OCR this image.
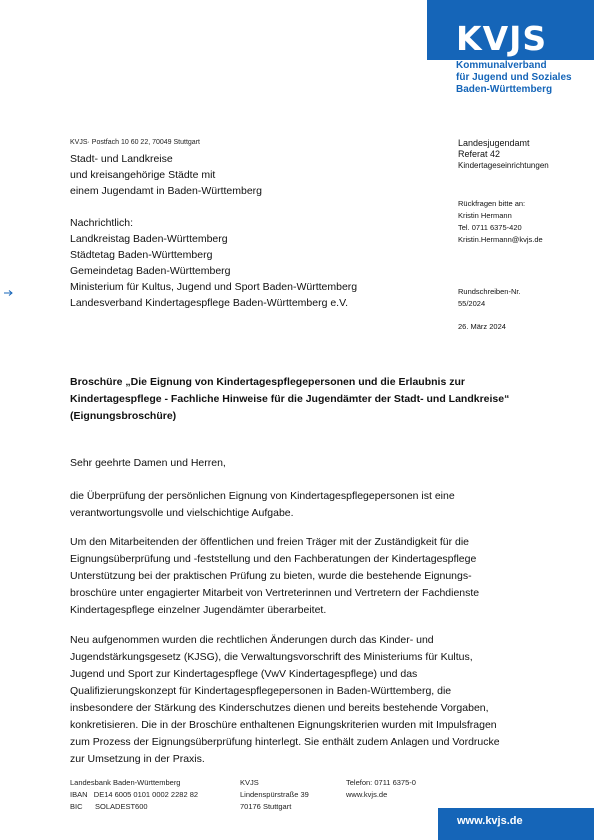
KVJS
Kommunalverband
für Jugend und Soziales
Baden-Württemberg
KVJS· Postfach 10 60 22, 70049 Stuttgart
Stadt- und Landkreise
und kreisangehörige Städte mit
einem Jugendamt in Baden-Württemberg
Nachrichtlich:
Landkreistag Baden-Württemberg
Städtetag Baden-Württemberg
Gemeindetag Baden-Württemberg
Ministerium für Kultus, Jugend und Sport Baden-Württemberg
Landesverband Kindertagespflege Baden-Württemberg e.V.
Landesjugendamt
Referat 42
Kindertageseinrichtungen
Rückfragen bitte an:
Kristin Hermann
Tel. 0711 6375-420
Kristin.Hermann@kvjs.de
Rundschreiben-Nr.
55/2024
26. März 2024
Broschüre „Die Eignung von Kindertagespflegepersonen und die Erlaubnis zur Kindertagespflege - Fachliche Hinweise für die Jugendämter der Stadt- und Landkreise“ (Eignungsbroschüre)
Sehr geehrte Damen und Herren,
die Überprüfung der persönlichen Eignung von Kindertagespflegepersonen ist eine
verantwortungsvolle und vielschichtige Aufgabe.
Um den Mitarbeitenden der öffentlichen und freien Träger mit der Zuständigkeit für die
Eignungsüberprüfung und -feststellung und den Fachberatungen der Kindertagespflege
Unterstützung bei der praktischen Prüfung zu bieten, wurde die bestehende Eignungs-
broschüre unter engagierter Mitarbeit von Vertreterinnen und Vertretern der Fachdienste
Kindertagespflege einzelner Jugendämter überarbeitet.
Neu aufgenommen wurden die rechtlichen Änderungen durch das Kinder- und
Jugendstärkungsgesetz (KJSG), die Verwaltungsvorschrift des Ministeriums für Kultus,
Jugend und Sport zur Kindertagespflege (VwV Kindertagespflege) und das
Qualifizierungskonzept für Kindertagespflegepersonen in Baden-Württemberg, die
insbesondere der Stärkung des Kinderschutzes dienen und bereits bestehende Vorgaben,
konkretisieren. Die in der Broschüre enthaltenen Eignungskriterien wurden mit Impulsfragen
zum Prozess der Eignungsüberprüfung hinterlegt. Sie enthält zudem Anlagen und Vordrucke
zur Umsetzung in der Praxis.
Landesbank Baden-Württemberg
IBAN DE14 6005 0101 0002 2282 82
BIC SOLADEST600
KVJS
Lindenspürstraße 39
70176 Stuttgart
Telefon: 0711 6375-0
www.kvjs.de
www.kvjs.de
